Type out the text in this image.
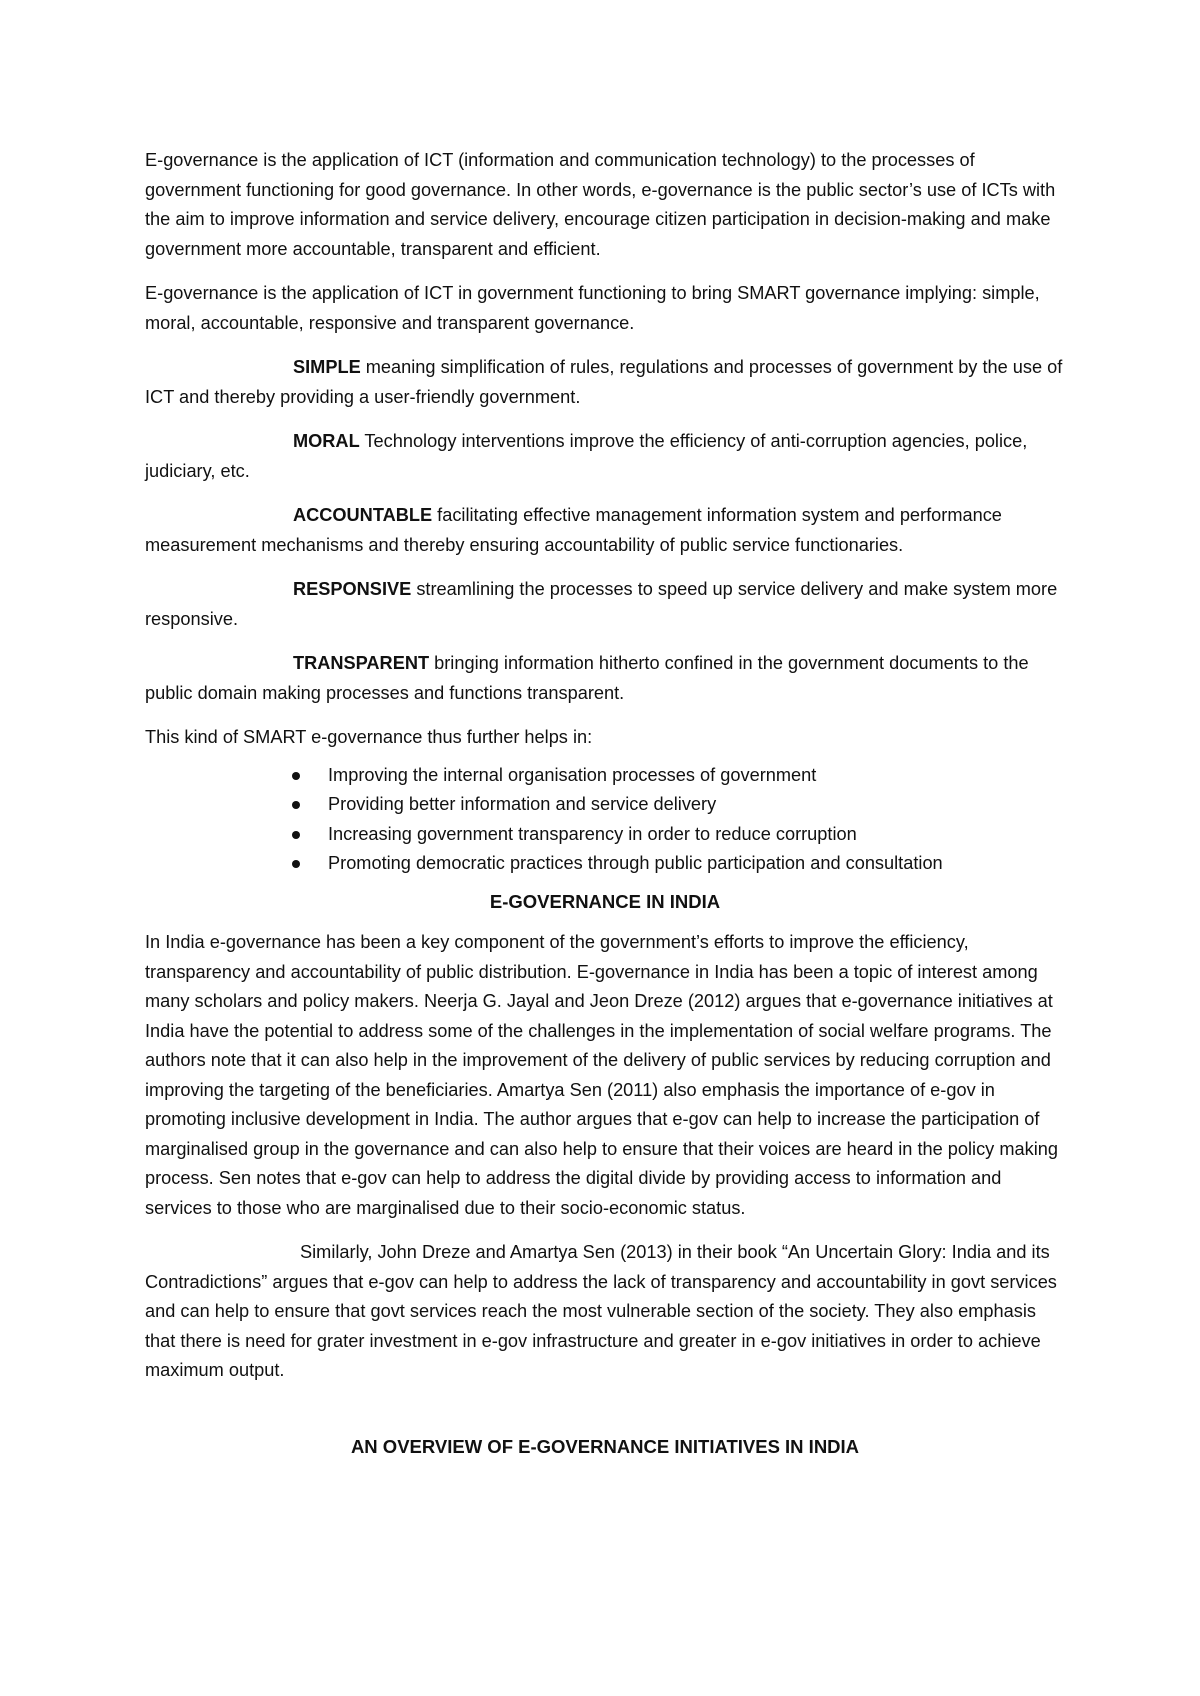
E-governance is the application of ICT (information and communication technology) to the processes of government functioning for good governance. In other words, e-governance is the public sector’s use of ICTs with the aim to improve information and service delivery, encourage citizen participation in decision-making and make government more accountable, transparent and efficient.

E-governance is the application of ICT in government functioning to bring SMART governance implying: simple, moral, accountable, responsive and transparent governance.

SIMPLE meaning simplification of rules, regulations and processes of government by the use of ICT and thereby providing a user-friendly government.

MORAL Technology interventions improve the efficiency of anti-corruption agencies, police, judiciary, etc.

ACCOUNTABLE facilitating effective management information system and performance measurement mechanisms and thereby ensuring accountability of public service functionaries.

RESPONSIVE streamlining the processes to speed up service delivery and make system more responsive.

TRANSPARENT bringing information hitherto confined in the government documents to the public domain making processes and functions transparent.

This kind of SMART e-governance thus further helps in:

Improving the internal organisation processes of government
Providing better information and service delivery
Increasing government transparency in order to reduce corruption
Promoting democratic practices through public participation and consultation
E-GOVERNANCE IN INDIA

In India e-governance has been a key component of the government’s efforts to improve the efficiency, transparency and accountability of public distribution. E-governance in India has been a topic of interest among many scholars and policy makers. Neerja G. Jayal and Jeon Dreze (2012) argues that e-governance initiatives at India have the potential to address some of the challenges in the implementation of social welfare programs. The authors note that it can also help in the improvement of the delivery of public services by reducing corruption and improving the targeting of the beneficiaries. Amartya Sen (2011) also emphasis the importance of e-gov in promoting inclusive development in India. The author argues that e-gov can help to increase the participation of marginalised group in the governance and can also help to ensure that their voices are heard in the policy making process. Sen notes that e-gov can help to address the digital divide by providing access to information and services to those who are marginalised due to their socio-economic status.

Similarly, John Dreze and Amartya Sen (2013) in their book “An Uncertain Glory: India and its Contradictions” argues that e-gov can help to address the lack of transparency and accountability in govt services and can help to ensure that govt services reach the most vulnerable section of the society. They also emphasis that there is need for grater investment in e-gov infrastructure and greater in e-gov initiatives in order to achieve maximum output.

AN OVERVIEW OF E-GOVERNANCE INITIATIVES IN INDIA
